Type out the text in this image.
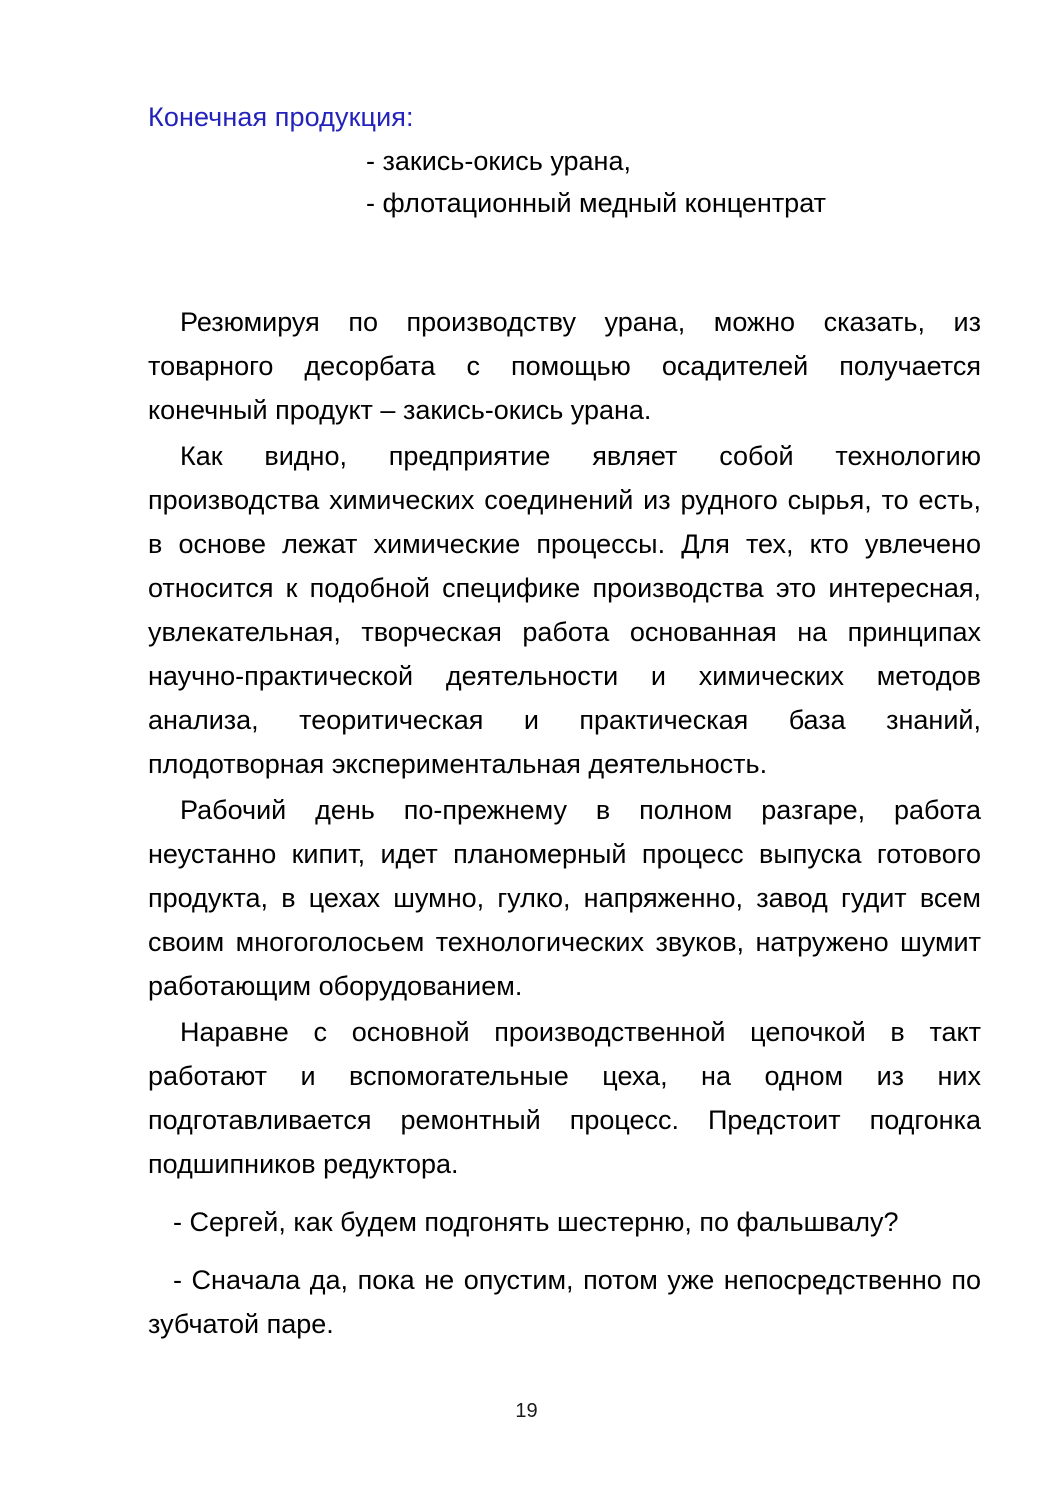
Конечная продукция:

- закись-окись урана,
- флотационный медный концентрат

Резюмируя по производству урана, можно сказать, из товарного десорбата с помощью осадителей получается конечный продукт – закись-окись урана.

Как видно, предприятие являет собой технологию производства химических соединений из рудного сырья, то есть, в основе лежат химические процессы. Для тех, кто увлечено относится к подобной специфике производства это интересная, увлекательная, творческая работа основанная на принципах научно-практической деятельности и химических методов анализа, теоритическая и практическая база знаний, плодотворная экспериментальная деятельность.

Рабочий день по-прежнему в полном разгаре, работа неустанно кипит, идет планомерный процесс выпуска готового продукта, в цехах шумно, гулко, напряженно, завод гудит всем своим многоголосьем технологических звуков, натружено шумит работающим оборудованием.

Наравне с основной производственной цепочкой в такт работают и вспомогательные цеха, на одном из них подготавливается ремонтный процесс. Предстоит подгонка подшипников редуктора.

- Сергей, как будем подгонять шестерню, по фальшвалу?

- Сначала да, пока не опустим, потом уже непосредственно по зубчатой паре.

19
